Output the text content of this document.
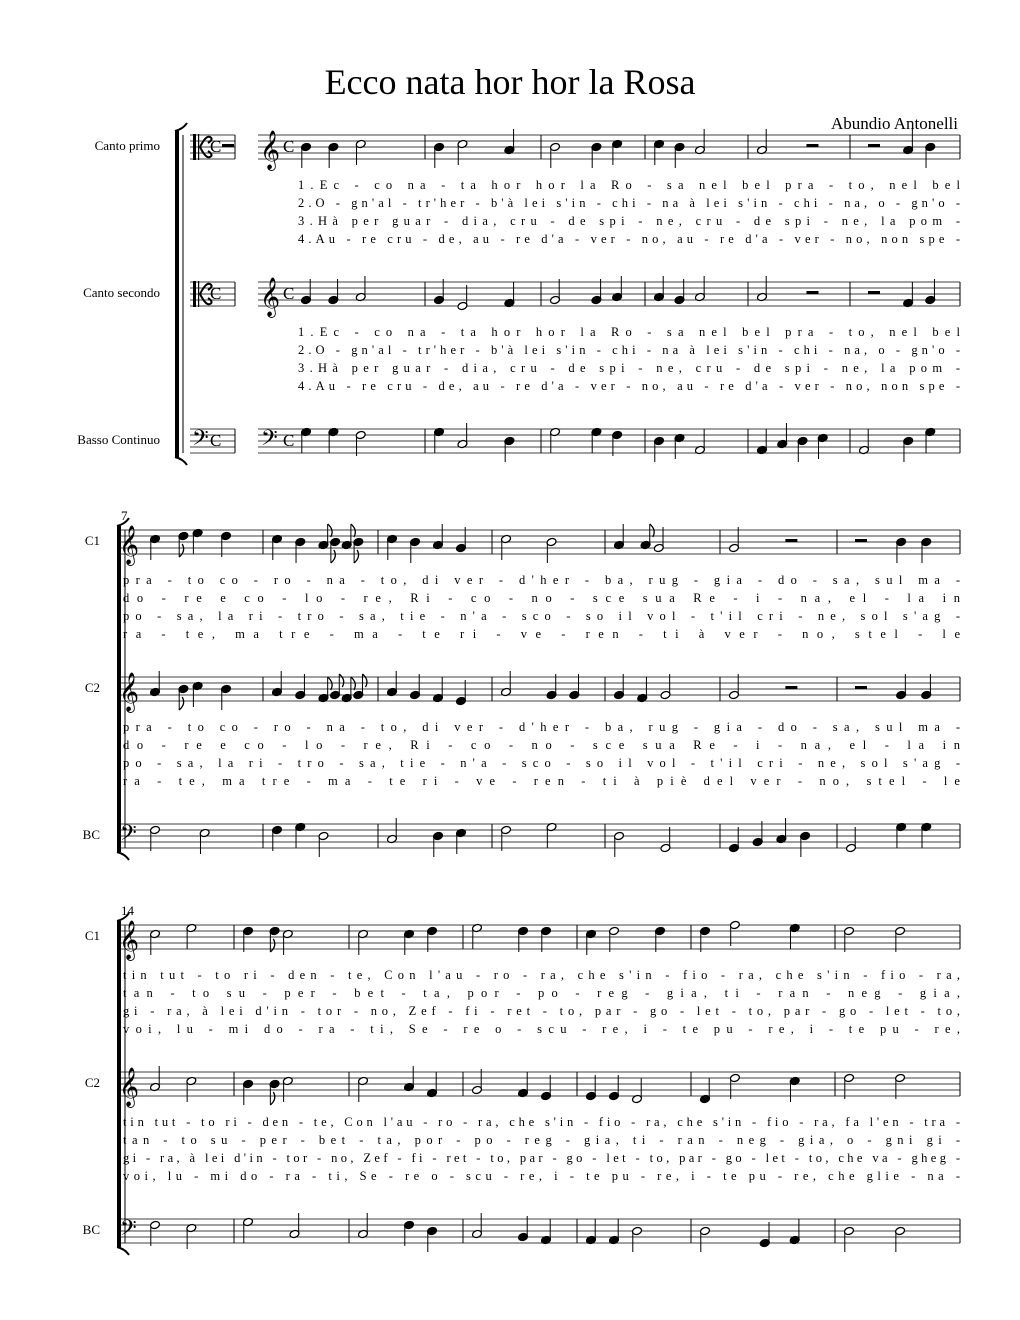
Ecco nata hor hor la Rosa
Abundio Antonelli
Canto primo	C 𝄞 C
1.Ec - co na - ta hor hor la Ro - sa nel bel pra - to, nel bel
2.O - gn'al - tr'her - b'à lei s'in - chi - na à lei s'in - chi - na, o - gn'o -
3.Hà per guar - dia, cru - de spi - ne, cru - de spi - ne, la pom -
4.Au - re cru - de, au - re d'a - ver - no, au - re d'a - ver - no, non spe -
Canto secondo	C 𝄞 C
1.Ec - co na - ta hor hor la Ro - sa nel bel pra - to, nel bel
2.O - gn'al - tr'her - b'à lei s'in - chi - na à lei s'in - chi - na, o - gn'o -
3.Hà per guar - dia, cru - de spi - ne, cru - de spi - ne, la pom -
4.Au - re cru - de, au - re d'a - ver - no, au - re d'a - ver - no, non spe -
Basso Continuo 𝄢 C 𝄢 C
7
C1 𝄞
pra - to co - ro - na - to, di ver - d'her - ba, rug - gia - do - sa, sul ma -
do - re e co - lo - re, Ri - co - no - sce sua Re - i - na, el - la in
po - sa, la ri - tro - sa, tie - n'a - sco - so il vol - t'il cri - ne, sol s'ag -
ra - te, ma tre - ma - te ri - ve - ren - ti à ver - no, stel - le
C2 𝄞
pra - to co - ro - na - to, di ver - d'her - ba, rug - gia - do - sa, sul ma -
do - re e co - lo - re, Ri - co - no - sce sua Re - i - na, el - la in
po - sa, la ri - tro - sa, tie - n'a - sco - so il vol - t'il cri - ne, sol s'ag -
ra - te, ma tre - ma - te ri - ve - ren - ti à piè del ver - no, stel - le
BC 𝄢
14
C1 𝄞
tin tut - to ri - den - te, Con l'au - ro - ra, che s'in - fio - ra, che s'in - fio - ra,
tan - to su - per - bet - ta, por - po - reg - gia, ti - ran - neg - gia,
gi - ra, à lei d'in - tor - no, Zef - fi - ret - to, par - go - let - to, par - go - let - to,
voi, lu - mi do - ra - ti, Se - re o - scu - re, i - te pu - re, i - te pu - re,
C2 𝄞
tin tut - to ri - den - te, Con l'au - ro - ra, che s'in - fio - ra, che s'in - fio - ra, fa l'en - tra -
tan - to su - per - bet - ta, por - po - reg - gia, ti - ran - neg - gia, o - gni gi -
gi - ra, à lei d'in - tor - no, Zef - fi - ret - to, par - go - let - to, par - go - let - to, che va - gheg -
voi, lu - mi do - ra - ti, Se - re o - scu - re, i - te pu - re, i - te pu - re, che glie - na -
BC 𝄢
